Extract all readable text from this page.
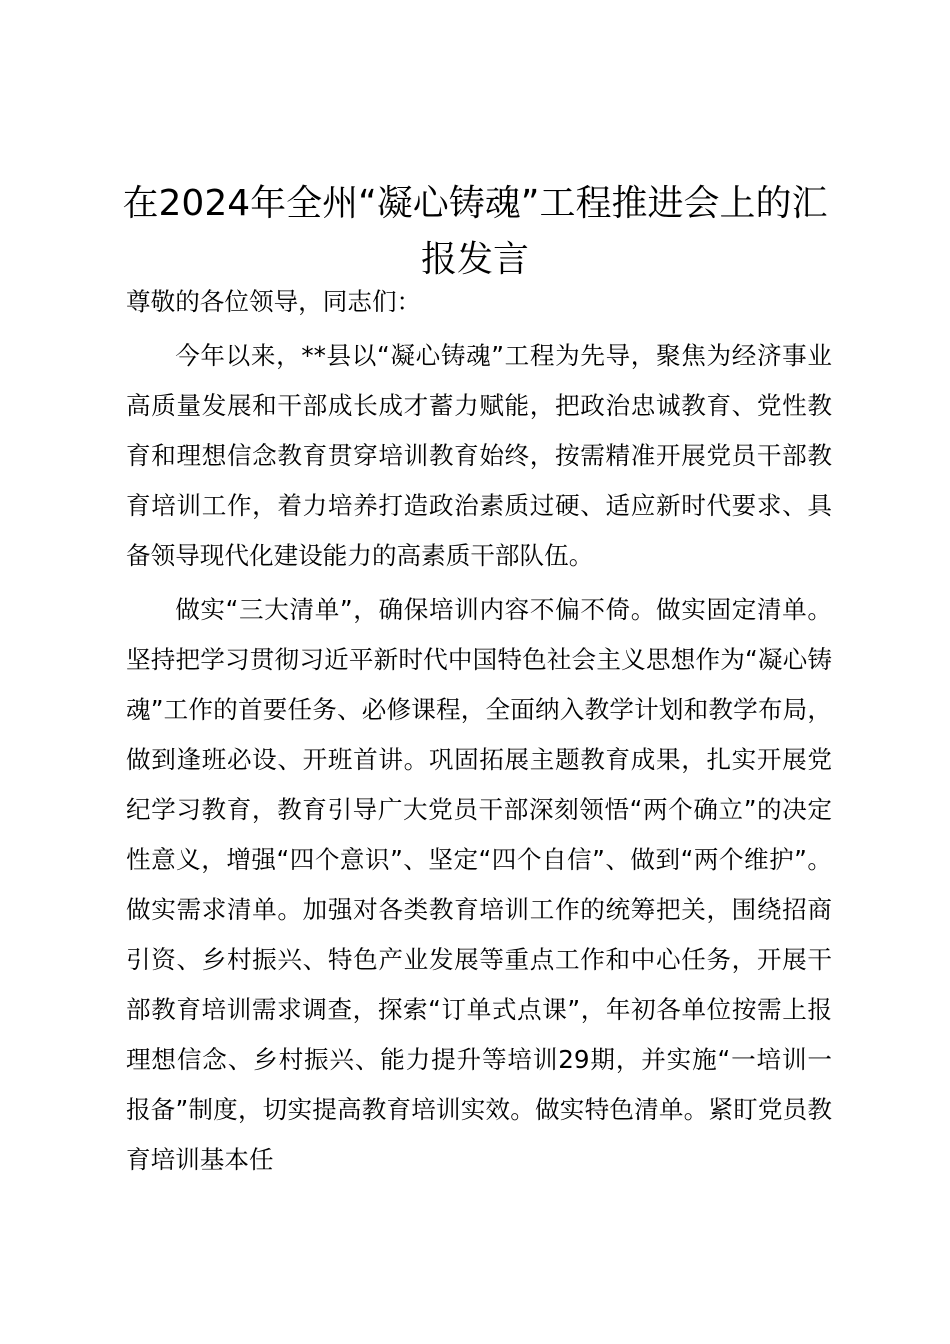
在2024年全州“凝心铸魂”工程推进会上的汇报发言

尊敬的各位领导，同志们：

今年以来，**县以“凝心铸魂”工程为先导，聚焦为经济事业高质量发展和干部成长成才蓄力赋能，把政治忠诚教育、党性教育和理想信念教育贯穿培训教育始终，按需精准开展党员干部教育培训工作，着力培养打造政治素质过硬、适应新时代要求、具备领导现代化建设能力的高素质干部队伍。

做实“三大清单”，确保培训内容不偏不倚。做实固定清单。坚持把学习贯彻习近平新时代中国特色社会主义思想作为“凝心铸魂”工作的首要任务、必修课程，全面纳入教学计划和教学布局，做到逢班必设、开班首讲。巩固拓展主题教育成果，扎实开展党纪学习教育，教育引导广大党员干部深刻领悟“两个确立”的决定性意义，增强“四个意识”、坚定“四个自信”、做到“两个维护”。做实需求清单。加强对各类教育培训工作的统筹把关，围绕招商引资、乡村振兴、特色产业发展等重点工作和中心任务，开展干部教育培训需求调查，探索“订单式点课”，年初各单位按需上报理想信念、乡村振兴、能力提升等培训29期，并实施“一培训一报备”制度，切实提高教育培训实效。做实特色清单。紧盯党员教育培训基本任
